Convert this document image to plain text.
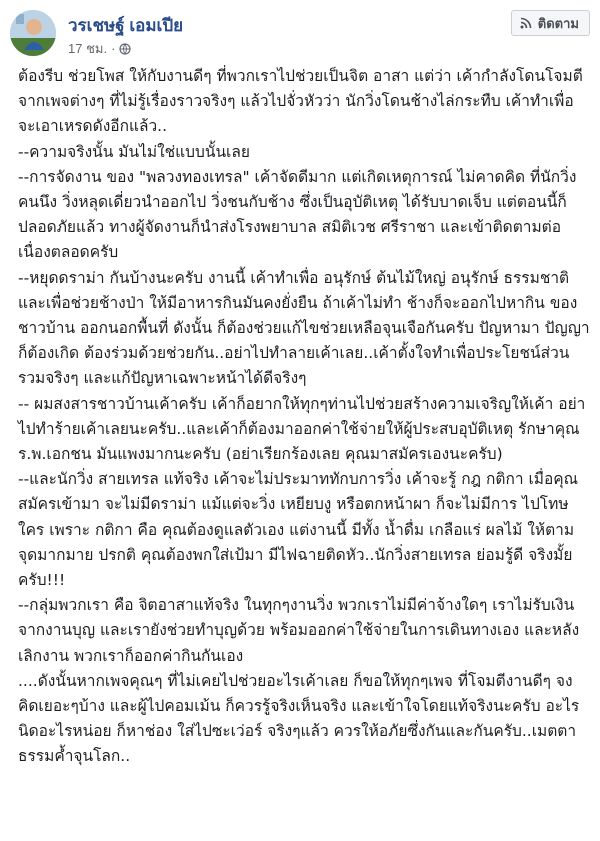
วรเชษฐ์ เอมเปีย
17 ชม. ·
ติดตาม

ต้องรีบ ช่วยโพส ให้กับงานดีๆ ที่พวกเราไปช่วยเป็นจิต อาสา แต่ว่า เค้ากำลังโดนโจมตี จากเพจต่างๆ ที่ไม่รู้เรื่องราวจริงๆ แล้วไปจั่วหัวว่า นักวิ่งโดนช้างไล่กระทืบ เค้าทำเพื่อจะเอาเหรดดังอีกแล้ว..

--ความจริงนั้น มันไม่ใช่แบบนั้นเลย

--การจัดงาน ของ "พลวงทองเทรล" เค้าจัดดีมาก แต่เกิดเหตุการณ์ ไม่คาดคิด ที่นักวิ่งคนนึง วิ่งหลุดเดี่ยวนำออกไป วิ่งชนกับช้าง ซึ่งเป็นอุบัติเหตุ ได้รับบาดเจ็บ แต่ตอนนี้ก็ปลอดภัยแล้ว ทางผู้จัดงานก็นำส่งโรงพยาบาล สมิติเวช ศรีราชา และเข้าติดตามต่อเนื่องตลอดครับ

--หยุดดราม่า กันบ้างนะครับ งานนี้ เค้าทำเพื่อ อนุรักษ์ ต้นไม้ใหญ่ อนุรักษ์ ธรรมชาติ และเพื่อช่วยช้างป่า ให้มีอาหารกินมันคงยั่งยืน ถ้าเค้าไม่ทำ ช้างก็จะออกไปหากิน ของชาวบ้าน ออกนอกพื้นที่ ดังนั้น ก็ต้องช่วยแก้ไขช่วยเหลือจุนเจือกันครับ ปัญหามา ปัญญาก็ต้องเกิด ต้องร่วมด้วยช่วยกัน..อย่าไปทำลายเค้าเลย..เค้าตั้งใจทำเพื่อประโยชน์ส่วนรวมจริงๆ และแก้ปัญหาเฉพาะหน้าได้ดีจริงๆ

-- ผมสงสารชาวบ้านเค้าครับ เค้าก็อยากให้ทุกๆท่านไปช่วยสร้างความเจริญให้เค้า อย่าไปทำร้ายเค้าเลยนะครับ..และเค้าก็ต้องมาออกค่าใช้จ่ายให้ผู้ประสบอุบัติเหตุ รักษาคุณ ร.พ.เอกชน มันแพงมากนะครับ (อย่าเรียกร้องเลย คุณมาสมัครเองนะครับ)

--และนักวิ่ง สายเทรล แท้จริง เค้าจะไม่ประมาททักบการวิ่ง เค้าจะรู้ กฎ กติกา เมื่อคุณสมัครเข้ามา จะไม่มีดราม่า แม้แต่จะวิ่ง เหยียบงู หรือตกหน้าผา ก็จะไม่มีการ ไปโทษใคร เพราะ กติกา คือ คุณต้องดูแลตัวเอง แต่งานนี้ มีทั้ง น้ำดื่ม เกลือแร่ ผลไม้ ให้ตามจุดมากมาย ปรกติ คุณต้องพกใส่เป้มา มีไฟฉายติดหัว..นักวิ่งสายเทรล ย่อมรู้ดี จริงมั้ยครับ!!!

--กลุ่มพวกเรา คือ จิตอาสาแท้จริง ในทุกๆงานวิ่ง พวกเราไม่มีค่าจ้างใดๆ เราไม่รับเงินจากงานบุญ และเรายังช่วยทำบุญด้วย พร้อมออกค่าใช้จ่ายในการเดินทางเอง และหลังเลิกงาน พวกเราก็ออกค่ากินกันเอง

....ดังนั้นหากเพจคุณๆ ที่ไม่เคยไปช่วยอะไรเค้าเลย ก็ขอให้ทุกๆเพจ ที่โจมตีงานดีๆ จงคิดเยอะๆบ้าง และผู้ไปคอมเม้น ก็ควรรู้จริงเห็นจริง และเข้าใจโดยแท้จริงนะครับ อะไรนิดอะไรหน่อย ก็หาช่อง ใส่ไปซะเว่อร์ จริงๆแล้ว ควรให้อภัยซึ่งกันและกันครับ..เมตตาธรรมค้ำจุนโลก..
